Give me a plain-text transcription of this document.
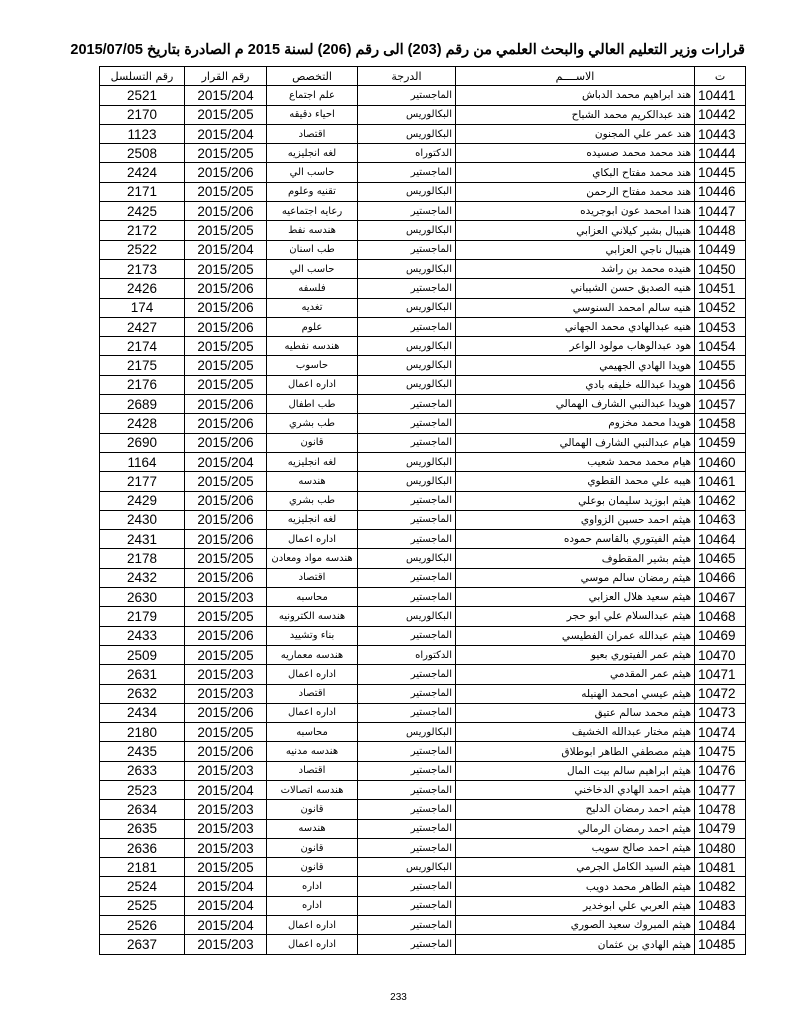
قرارات وزير التعليم العالي والبحث العلمي من رقم (203) الى رقم (206) لسنة 2015 م الصادرة بتاريخ 2015/07/05
ت	الاســــم	الدرجة	التخصص	رقم القرار	رقم التسلسل
10441	هند ابراهيم محمد الدباش	الماجستير	علم اجتماع	2015/204	2521
10442	هند عبدالكريم محمد الشباح	البكالوريس	احياء دقيقه	2015/205	2170
10443	هند عمر علي المجنون	البكالوريس	اقتصاد	2015/204	1123
10444	هند محمد محمد صسيده	الدكتوراه	لغه انجليزيه	2015/205	2508
10445	هند محمد مفتاح البكاي	الماجستير	حاسب الي	2015/206	2424
10446	هند محمد مفتاح الرحمن	البكالوريس	تقنيه وعلوم	2015/205	2171
10447	هندا امحمد عون ابوجريده	الماجستير	رعايه اجتماعيه	2015/206	2425
10448	هنيبال بشير كيلاني العزابي	البكالوريس	هندسه نفط	2015/205	2172
10449	هنيبال ناجي العزابي	الماجستير	طب اسنان	2015/204	2522
10450	هنيده محمد بن راشد	البكالوريس	حاسب الي	2015/205	2173
10451	هنيه الصديق حسن الشيباني	الماجستير	فلسفه	2015/206	2426
10452	هنيه سالم امحمد السنوسي	البكالوريس	تغديه	2015/206	174
10453	هنيه عبدالهادي محمد الجهاني	الماجستير	علوم	2015/206	2427
10454	هود عبدالوهاب مولود الواعر	البكالوريس	هندسه نفطيه	2015/205	2174
10455	هويدا الهادي الجهيمي	البكالوريس	حاسوب	2015/205	2175
10456	هويدا عبدالله خليفه بادي	البكالوريس	اداره اعمال	2015/205	2176
10457	هويدا عبدالنبي الشارف الهمالي	الماجستير	طب اطفال	2015/206	2689
10458	هويدا محمد مخزوم	الماجستير	طب بشري	2015/206	2428
10459	هيام عبدالنبي الشارف الهمالي	الماجستير	قانون	2015/206	2690
10460	هيام محمد محمد شعيب	البكالوريس	لغه انجليزيه	2015/204	1164
10461	هيبه علي محمد القطوي	البكالوريس	هندسه	2015/205	2177
10462	هيثم ابوزيد سليمان بوعلي	الماجستير	طب بشري	2015/206	2429
10463	هيثم احمد حسين الزواوي	الماجستير	لغه انجليزيه	2015/206	2430
10464	هيثم الفيتوري بالقاسم حموده	الماجستير	اداره اعمال	2015/206	2431
10465	هيثم بشير المقطوف	البكالوريس	هندسه مواد ومعادن	2015/205	2178
10466	هيثم رمضان سالم موسي	الماجستير	اقتصاد	2015/206	2432
10467	هيثم سعيد هلال العزابي	الماجستير	محاسبه	2015/203	2630
10468	هيثم عبدالسلام علي ابو حجر	البكالوريس	هندسه الكترونيه	2015/205	2179
10469	هيثم عبدالله عمران الفطيسي	الماجستير	بناء وتشييد	2015/206	2433
10470	هيثم عمر الفيتوري بعيو	الدكتوراه	هندسه معماريه	2015/205	2509
10471	هيثم عمر المقدمي	الماجستير	اداره اعمال	2015/203	2631
10472	هيثم عيسي امحمد الهنيله	الماجستير	اقتصاد	2015/203	2632
10473	هيثم محمد سالم عتيق	الماجستير	اداره اعمال	2015/206	2434
10474	هيثم مختار عبدالله الخشيف	البكالوريس	محاسبه	2015/205	2180
10475	هيثم مصطفي الطاهر ابوطلاق	الماجستير	هندسه مدنيه	2015/206	2435
10476	هيثم ابراهيم سالم بيت المال	الماجستير	اقتصاد	2015/203	2633
10477	هيثم احمد الهادي الدخاخني	الماجستير	هندسه اتصالات	2015/204	2523
10478	هيثم احمد رمضان الدليح	الماجستير	قانون	2015/203	2634
10479	هيثم احمد رمضان الرمالي	الماجستير	هندسه	2015/203	2635
10480	هيثم احمد صالح سويب	الماجستير	قانون	2015/203	2636
10481	هيثم السيد الكامل الجرمي	البكالوريس	قانون	2015/205	2181
10482	هيثم الطاهر محمد دويب	الماجستير	اداره	2015/204	2524
10483	هيثم العربي علي ابوخدير	الماجستير	اداره	2015/204	2525
10484	هيثم المبروك سعيد الصوري	الماجستير	اداره اعمال	2015/204	2526
10485	هيثم الهادي بن عثمان	الماجستير	اداره اعمال	2015/203	2637
233
